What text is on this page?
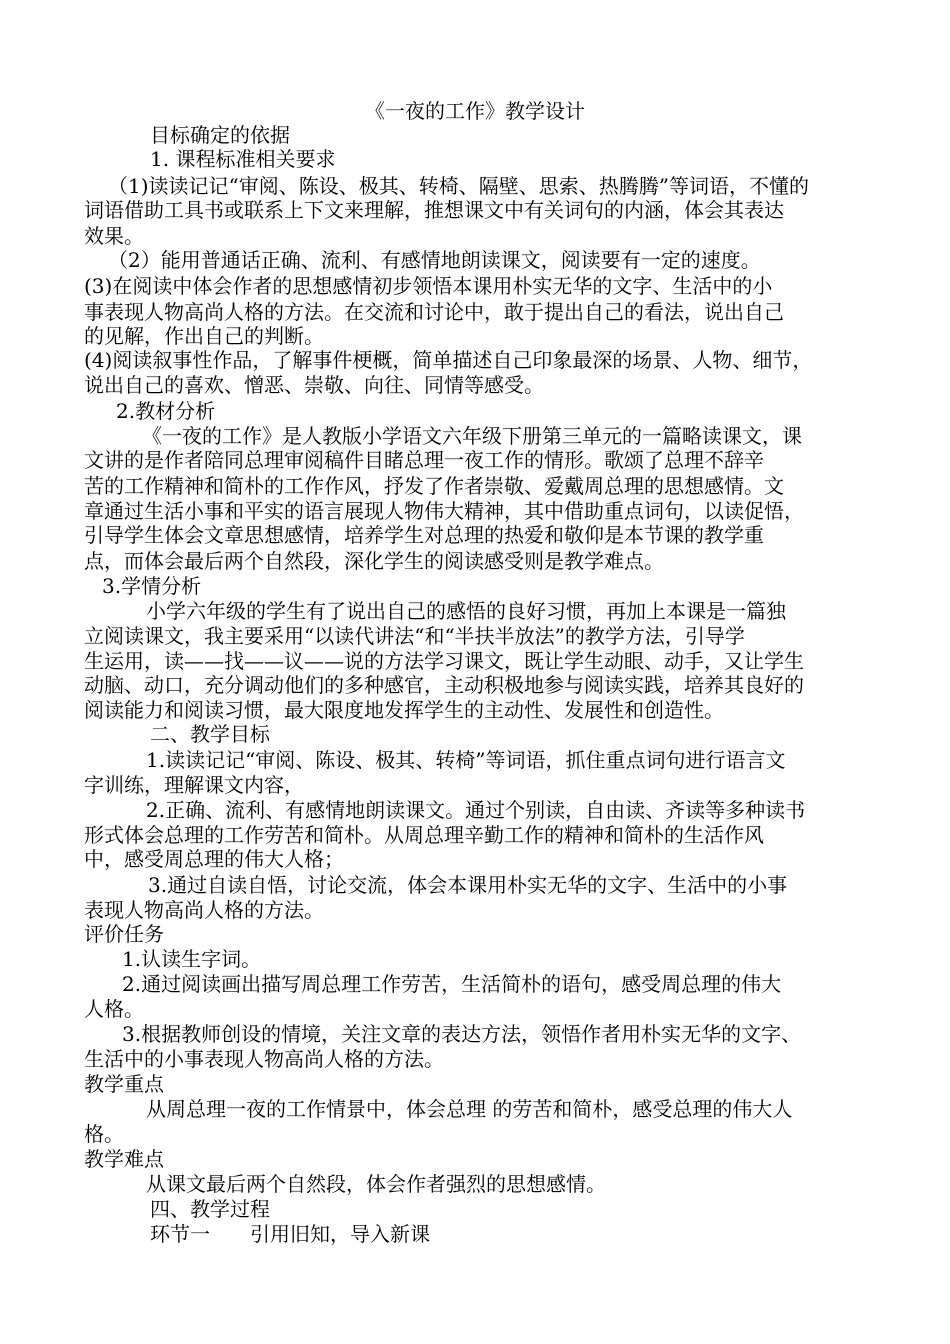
《一夜的工作》教学设计
目标确定的依据
1. 课程标准相关要求
（1)读读记记“审阅、陈设、极其、转椅、隔壁、思索、热腾腾”等词语，不懂的
词语借助工具书或联系上下文来理解，推想课文中有关词句的内涵，体会其表达
效果。
（2）能用普通话正确、流利、有感情地朗读课文，阅读要有一定的速度。
(3)在阅读中体会作者的思想感情初步领悟本课用朴实无华的文字、生活中的小
事表现人物高尚人格的方法。在交流和讨论中，敢于提出自己的看法，说出自己
的见解，作出自己的判断。
(4)阅读叙事性作品，了解事件梗概，简单描述自己印象最深的场景、人物、细节，
说出自己的喜欢、憎恶、崇敬、向往、同情等感受。
2.教材分析
《一夜的工作》是人教版小学语文六年级下册第三单元的一篇略读课文，课
文讲的是作者陪同总理审阅稿件目睹总理一夜工作的情形。歌颂了总理不辞辛
苦的工作精神和简朴的工作作风，抒发了作者崇敬、爱戴周总理的思想感情。文
章通过生活小事和平实的语言展现人物伟大精神，其中借助重点词句，以读促悟，
引导学生体会文章思想感情，培养学生对总理的热爱和敬仰是本节课的教学重
点，而体会最后两个自然段，深化学生的阅读感受则是教学难点。
3.学情分析
小学六年级的学生有了说出自己的感悟的良好习惯，再加上本课是一篇独
立阅读课文，我主要采用“以读代讲法“和“半扶半放法”的教学方法，引导学
生运用，读——找——议——说的方法学习课文，既让学生动眼、动手，又让学生
动脑、动口，充分调动他们的多种感官，主动积极地参与阅读实践，培养其良好的
阅读能力和阅读习惯，最大限度地发挥学生的主动性、发展性和创造性。
二、教学目标
1.读读记记“审阅、陈设、极其、转椅”等词语，抓住重点词句进行语言文
字训练，理解课文内容，
2.正确、流利、有感情地朗读课文。通过个别读，自由读、齐读等多种读书
形式体会总理的工作劳苦和简朴。从周总理辛勤工作的精神和简朴的生活作风
中，感受周总理的伟大人格；
3.通过自读自悟，讨论交流，体会本课用朴实无华的文字、生活中的小事
表现人物高尚人格的方法。
评价任务
1.认读生字词。
2.通过阅读画出描写周总理工作劳苦，生活简朴的语句，感受周总理的伟大
人格。
3.根据教师创设的情境，关注文章的表达方法，领悟作者用朴实无华的文字、
生活中的小事表现人物高尚人格的方法。
教学重点
从周总理一夜的工作情景中，体会总理 的劳苦和简朴，感受总理的伟大人
格。
教学难点
从课文最后两个自然段，体会作者强烈的思想感情。
四、教学过程
环节一 引用旧知，导入新课
